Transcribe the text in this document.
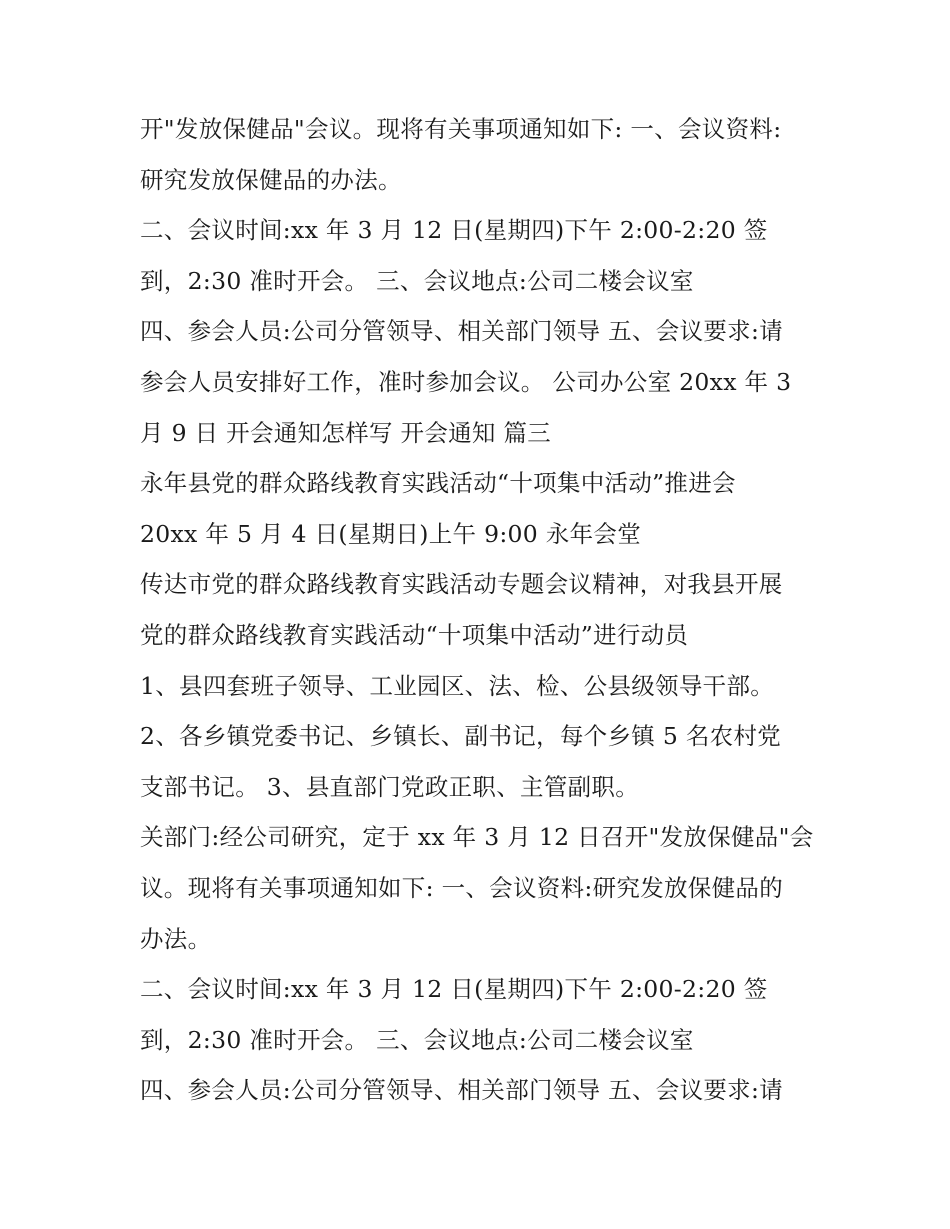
开"发放保健品"会议。现将有关事项通知如下: 一、会议资料:
研究发放保健品的办法。
二、会议时间:xx 年 3 月 12 日(星期四)下午 2:00-2:20 签
到，2:30 准时开会。 三、会议地点:公司二楼会议室
四、参会人员:公司分管领导、相关部门领导 五、会议要求:请
参会人员安排好工作，准时参加会议。 公司办公室 20xx 年 3
月 9 日 开会通知怎样写 开会通知 篇三
永年县党的群众路线教育实践活动“十项集中活动”推进会
20xx 年 5 月 4 日(星期日)上午 9:00 永年会堂
传达市党的群众路线教育实践活动专题会议精神，对我县开展
党的群众路线教育实践活动“十项集中活动”进行动员
1、县四套班子领导、工业园区、法、检、公县级领导干部。
2、各乡镇党委书记、乡镇长、副书记，每个乡镇 5 名农村党
支部书记。 3、县直部门党政正职、主管副职。
关部门:经公司研究，定于 xx 年 3 月 12 日召开"发放保健品"会
议。现将有关事项通知如下: 一、会议资料:研究发放保健品的
办法。
二、会议时间:xx 年 3 月 12 日(星期四)下午 2:00-2:20 签
到，2:30 准时开会。 三、会议地点:公司二楼会议室
四、参会人员:公司分管领导、相关部门领导 五、会议要求:请
